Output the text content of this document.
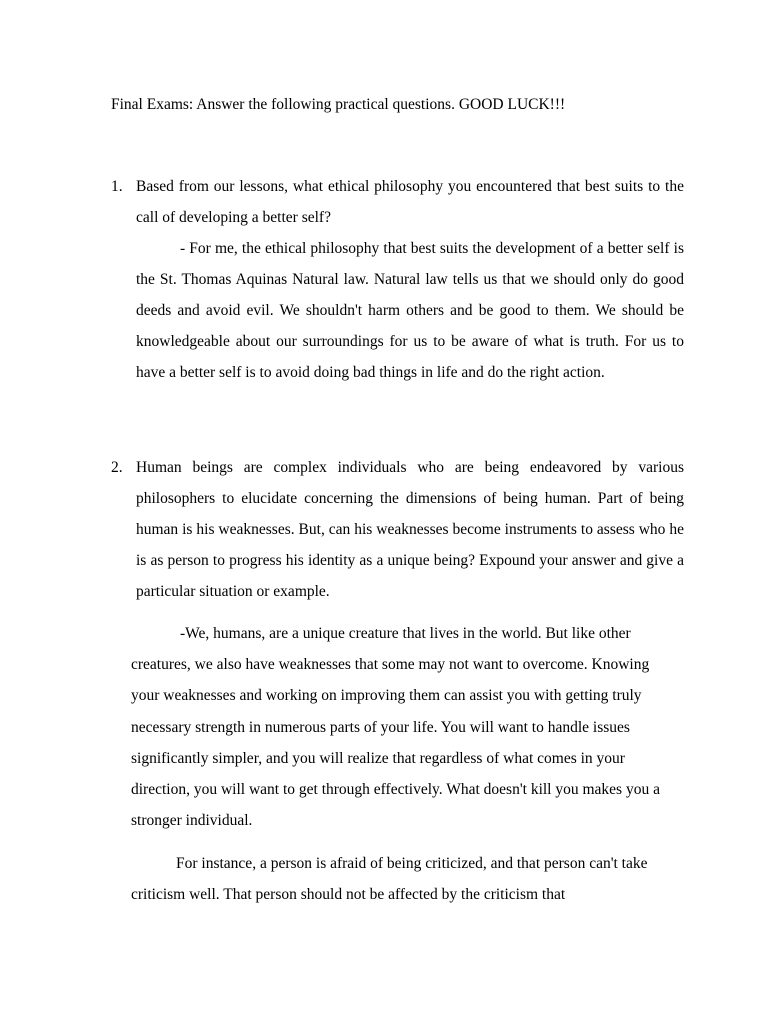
Final Exams: Answer the following practical questions. GOOD LUCK!!!
1. Based from our lessons, what ethical philosophy you encountered that best suits to the call of developing a better self?

- For me, the ethical philosophy that best suits the development of a better self is the St. Thomas Aquinas Natural law. Natural law tells us that we should only do good deeds and avoid evil. We shouldn't harm others and be good to them. We should be knowledgeable about our surroundings for us to be aware of what is truth. For us to have a better self is to avoid doing bad things in life and do the right action.

2. Human beings are complex individuals who are being endeavored by various philosophers to elucidate concerning the dimensions of being human. Part of being human is his weaknesses. But, can his weaknesses become instruments to assess who he is as person to progress his identity as a unique being? Expound your answer and give a particular situation or example.

-We, humans, are a unique creature that lives in the world. But like other creatures, we also have weaknesses that some may not want to overcome. Knowing your weaknesses and working on improving them can assist you with getting truly necessary strength in numerous parts of your life. You will want to handle issues significantly simpler, and you will realize that regardless of what comes in your direction, you will want to get through effectively. What doesn't kill you makes you a stronger individual.

For instance, a person is afraid of being criticized, and that person can't take criticism well. That person should not be affected by the criticism that
